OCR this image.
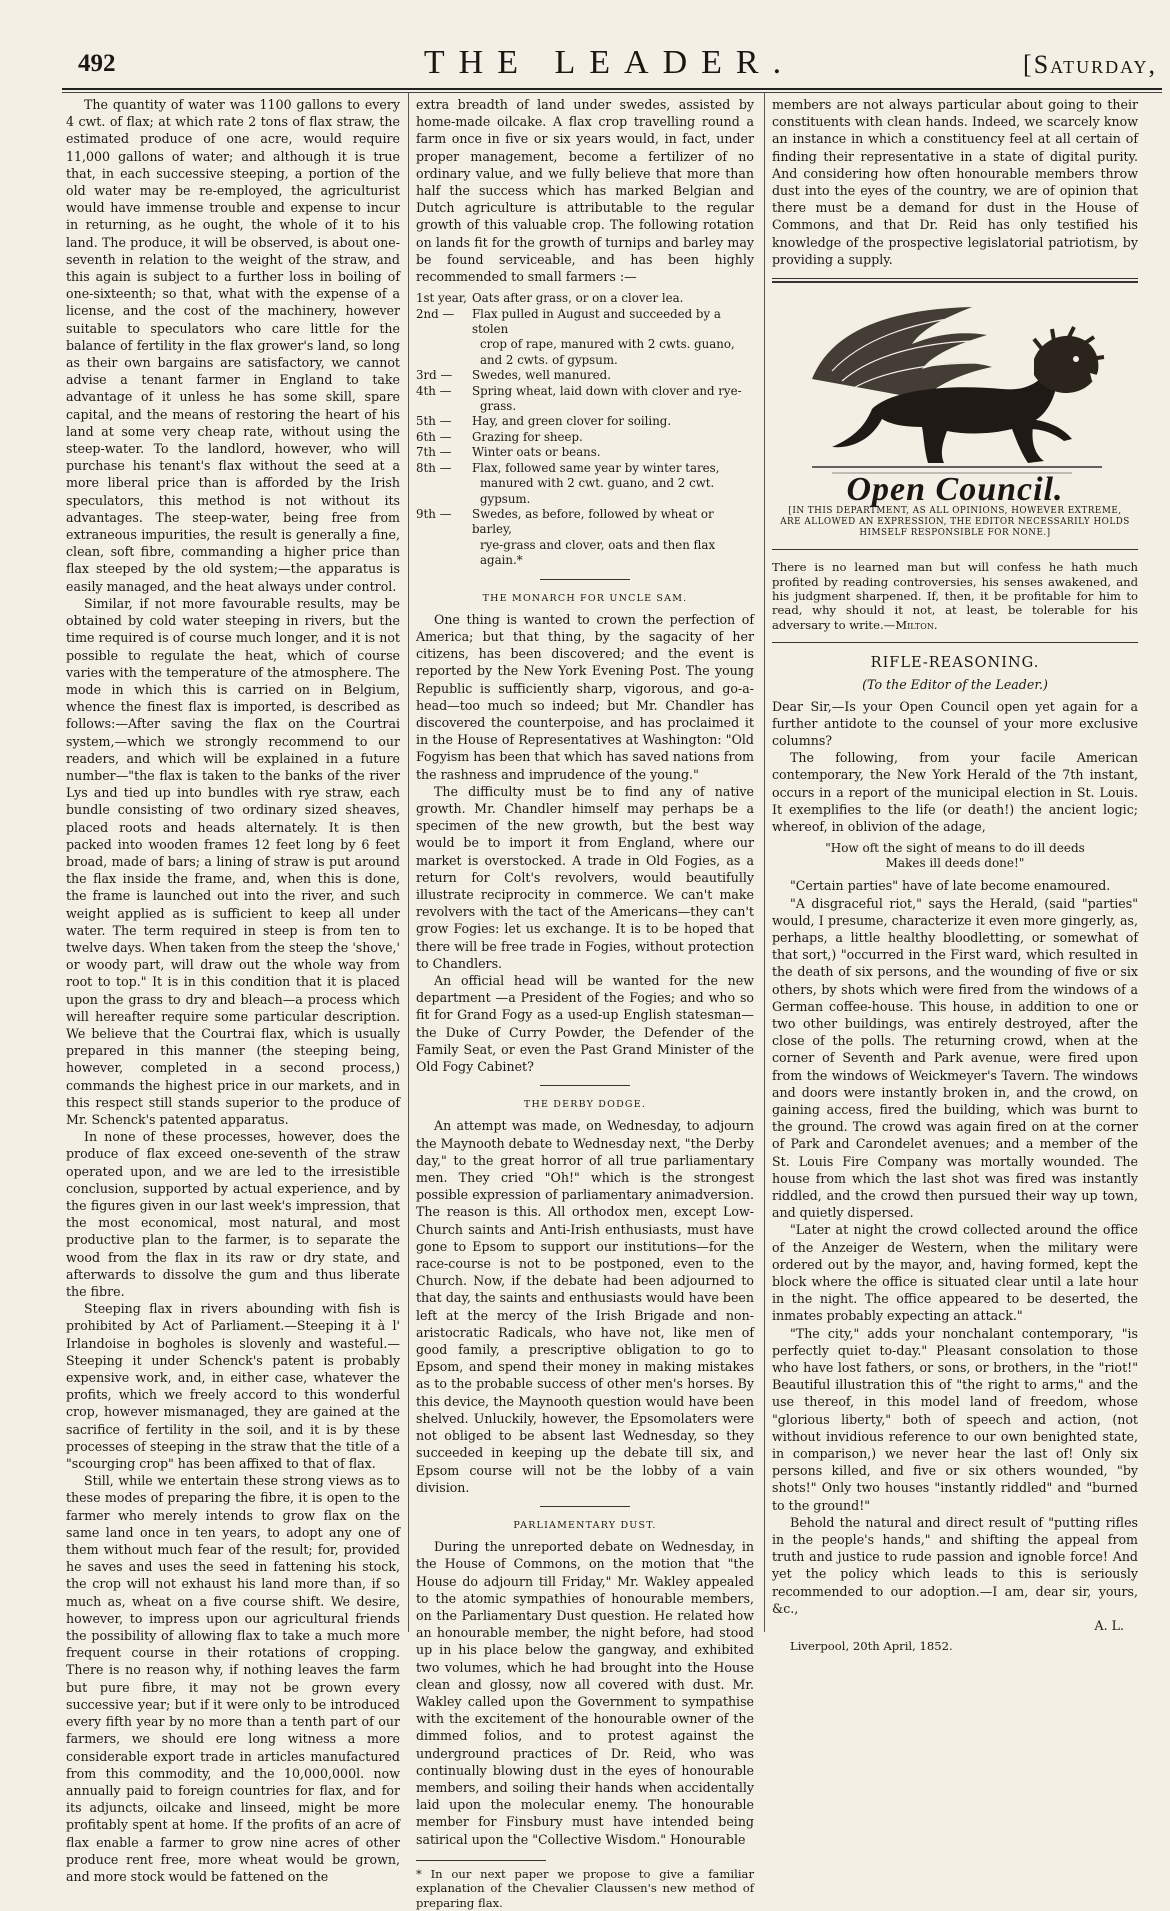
492	THE LEADER.	[Saturday,

The quantity of water was 1100 gallons to every 4 cwt. of flax; at which rate 2 tons of flax straw, the estimated produce of one acre, would require 11,000 gallons of water; and although it is true that, in each successive steeping, a portion of the old water may be re-employed, the agriculturist would have immense trouble and expense to incur in returning, as he ought, the whole of it to his land. The produce, it will be observed, is about one-seventh in relation to the weight of the straw, and this again is subject to a further loss in boiling of one-sixteenth; so that, what with the expense of a license, and the cost of the machinery, however suitable to speculators who care little for the balance of fertility in the flax grower's land, so long as their own bargains are satisfactory, we cannot advise a tenant farmer in England to take advantage of it unless he has some skill, spare capital, and the means of restoring the heart of his land at some very cheap rate, without using the steep-water. To the landlord, however, who will purchase his tenant's flax without the seed at a more liberal price than is afforded by the Irish speculators, this method is not without its advantages. The steep-water, being free from extraneous impurities, the result is generally a fine, clean, soft fibre, commanding a higher price than flax steeped by the old system;—the apparatus is easily managed, and the heat always under control.

Similar, if not more favourable results, may be obtained by cold water steeping in rivers, but the time required is of course much longer, and it is not possible to regulate the heat, which of course varies with the temperature of the atmosphere. The mode in which this is carried on in Belgium, whence the finest flax is imported, is described as follows:—After saving the flax on the Courtrai system,—which we strongly recommend to our readers, and which will be explained in a future number—"the flax is taken to the banks of the river Lys and tied up into bundles with rye straw, each bundle consisting of two ordinary sized sheaves, placed roots and heads alternately. It is then packed into wooden frames 12 feet long by 6 feet broad, made of bars; a lining of straw is put around the flax inside the frame, and, when this is done, the frame is launched out into the river, and such weight applied as is sufficient to keep all under water. The term required in steep is from ten to twelve days. When taken from the steep the 'shove,' or woody part, will draw out the whole way from root to top." It is in this condition that it is placed upon the grass to dry and bleach—a process which will hereafter require some particular description. We believe that the Courtrai flax, which is usually prepared in this manner (the steeping being, however, completed in a second process,) commands the highest price in our markets, and in this respect still stands superior to the produce of Mr. Schenck's patented apparatus.

In none of these processes, however, does the produce of flax exceed one-seventh of the straw operated upon, and we are led to the irresistible conclusion, supported by actual experience, and by the figures given in our last week's impression, that the most economical, most natural, and most productive plan to the farmer, is to separate the wood from the flax in its raw or dry state, and afterwards to dissolve the gum and thus liberate the fibre.

Steeping flax in rivers abounding with fish is prohibited by Act of Parliament.—Steeping it à l' Irlandoise in bogholes is slovenly and wasteful.—Steeping it under Schenck's patent is probably expensive work, and, in either case, whatever the profits, which we freely accord to this wonderful crop, however mismanaged, they are gained at the sacrifice of fertility in the soil, and it is by these processes of steeping in the straw that the title of a "scourging crop" has been affixed to that of flax.

Still, while we entertain these strong views as to these modes of preparing the fibre, it is open to the farmer who merely intends to grow flax on the same land once in ten years, to adopt any one of them without much fear of the result; for, provided he saves and uses the seed in fattening his stock, the crop will not exhaust his land more than, if so much as, wheat on a five course shift. We desire, however, to impress upon our agricultural friends the possibility of allowing flax to take a much more frequent course in their rotations of cropping. There is no reason why, if nothing leaves the farm but pure fibre, it may not be grown every successive year; but if it were only to be introduced every fifth year by no more than a tenth part of our farmers, we should ere long witness a more considerable export trade in articles manufactured from this commodity, and the 10,000,000l. now annually paid to foreign countries for flax, and for its adjuncts, oilcake and linseed, might be more profitably spent at home. If the profits of an acre of flax enable a farmer to grow nine acres of other produce rent free, more wheat would be grown, and more stock would be fattened on the

extra breadth of land under swedes, assisted by home-made oilcake. A flax crop travelling round a farm once in five or six years would, in fact, under proper management, become a fertilizer of no ordinary value, and we fully believe that more than half the success which has marked Belgian and Dutch agriculture is attributable to the regular growth of this valuable crop. The following rotation on lands fit for the growth of turnips and barley may be found serviceable, and has been highly recommended to small farmers :—

1st year, Oats after grass, or on a clover lea.
2nd —	Flax pulled in August and succeeded by a stolen
crop of rape, manured with 2 cwts. guano, and 2 cwts. of gypsum.
3rd —	Swedes, well manured.
4th —	Spring wheat, laid down with clover and rye-
grass.
5th —	Hay, and green clover for soiling.
6th —	Grazing for sheep.
7th —	Winter oats or beans.
8th —	Flax, followed same year by winter tares,
manured with 2 cwt. guano, and 2 cwt. gypsum.
9th —	Swedes, as before, followed by wheat or barley,
rye-grass and clover, oats and then flax again.*
THE MONARCH FOR UNCLE SAM.

One thing is wanted to crown the perfection of America; but that thing, by the sagacity of her citizens, has been discovered; and the event is reported by the New York Evening Post. The young Republic is sufficiently sharp, vigorous, and go-a-head—too much so indeed; but Mr. Chandler has discovered the counterpoise, and has proclaimed it in the House of Representatives at Washington: "Old Fogyism has been that which has saved nations from the rashness and imprudence of the young."

The difficulty must be to find any of native growth. Mr. Chandler himself may perhaps be a specimen of the new growth, but the best way would be to import it from England, where our market is overstocked. A trade in Old Fogies, as a return for Colt's revolvers, would beautifully illustrate reciprocity in commerce. We can't make revolvers with the tact of the Americans—they can't grow Fogies: let us exchange. It is to be hoped that there will be free trade in Fogies, without protection to Chandlers.

An official head will be wanted for the new department —a President of the Fogies; and who so fit for Grand Fogy as a used-up English statesman—the Duke of Curry Powder, the Defender of the Family Seat, or even the Past Grand Minister of the Old Fogy Cabinet?

THE DERBY DODGE.

An attempt was made, on Wednesday, to adjourn the Maynooth debate to Wednesday next, "the Derby day," to the great horror of all true parliamentary men. They cried "Oh!" which is the strongest possible expression of parliamentary animadversion. The reason is this. All orthodox men, except Low-Church saints and Anti-Irish enthusiasts, must have gone to Epsom to support our institutions—for the race-course is not to be postponed, even to the Church. Now, if the debate had been adjourned to that day, the saints and enthusiasts would have been left at the mercy of the Irish Brigade and non-aristocratic Radicals, who have not, like men of good family, a prescriptive obligation to go to Epsom, and spend their money in making mistakes as to the probable success of other men's horses. By this device, the Maynooth question would have been shelved. Unluckily, however, the Epsomolaters were not obliged to be absent last Wednesday, so they succeeded in keeping up the debate till six, and Epsom course will not be the lobby of a vain division.

PARLIAMENTARY DUST.

During the unreported debate on Wednesday, in the House of Commons, on the motion that "the House do adjourn till Friday," Mr. Wakley appealed to the atomic sympathies of honourable members, on the Parliamentary Dust question. He related how an honourable member, the night before, had stood up in his place below the gangway, and exhibited two volumes, which he had brought into the House clean and glossy, now all covered with dust. Mr. Wakley called upon the Government to sympathise with the excitement of the honourable owner of the dimmed folios, and to protest against the underground practices of Dr. Reid, who was continually blowing dust in the eyes of honourable members, and soiling their hands when accidentally laid upon the molecular enemy. The honourable member for Finsbury must have intended being satirical upon the "Collective Wisdom." Honourable

* In our next paper we propose to give a familiar explanation of the Chevalier Claussen's new method of preparing flax.

members are not always particular about going to their constituents with clean hands. Indeed, we scarcely know an instance in which a constituency feel at all certain of finding their representative in a state of digital purity. And considering how often honourable members throw dust into the eyes of the country, we are of opinion that there must be a demand for dust in the House of Commons, and that Dr. Reid has only testified his knowledge of the prospective legislatorial patriotism, by providing a supply.

Open Council.
[IN THIS DEPARTMENT, AS ALL OPINIONS, HOWEVER EXTREME, ARE ALLOWED AN EXPRESSION, THE EDITOR NECESSARILY HOLDS HIMSELF RESPONSIBLE FOR NONE.]
There is no learned man but will confess he hath much profited by reading controversies, his senses awakened, and his judgment sharpened. If, then, it be profitable for him to read, why should it not, at least, be tolerable for his adversary to write.—Milton.
RIFLE-REASONING.
(To the Editor of the Leader.)

Dear Sir,—Is your Open Council open yet again for a further antidote to the counsel of your more exclusive columns?

The following, from your facile American contemporary, the New York Herald of the 7th instant, occurs in a report of the municipal election in St. Louis. It exemplifies to the life (or death!) the ancient logic; whereof, in oblivion of the adage,

"How oft the sight of means to do ill deeds
Makes ill deeds done!"

"Certain parties" have of late become enamoured.

"A disgraceful riot," says the Herald, (said "parties" would, I presume, characterize it even more gingerly, as, perhaps, a little healthy bloodletting, or somewhat of that sort,) "occurred in the First ward, which resulted in the death of six persons, and the wounding of five or six others, by shots which were fired from the windows of a German coffee-house. This house, in addition to one or two other buildings, was entirely destroyed, after the close of the polls. The returning crowd, when at the corner of Seventh and Park avenue, were fired upon from the windows of Weickmeyer's Tavern. The windows and doors were instantly broken in, and the crowd, on gaining access, fired the building, which was burnt to the ground. The crowd was again fired on at the corner of Park and Carondelet avenues; and a member of the St. Louis Fire Company was mortally wounded. The house from which the last shot was fired was instantly riddled, and the crowd then pursued their way up town, and quietly dispersed.

"Later at night the crowd collected around the office of the Anzeiger de Western, when the military were ordered out by the mayor, and, having formed, kept the block where the office is situated clear until a late hour in the night. The office appeared to be deserted, the inmates probably expecting an attack."

"The city," adds your nonchalant contemporary, "is perfectly quiet to-day." Pleasant consolation to those who have lost fathers, or sons, or brothers, in the "riot!" Beautiful illustration this of "the right to arms," and the use thereof, in this model land of freedom, whose "glorious liberty," both of speech and action, (not without invidious reference to our own benighted state, in comparison,) we never hear the last of! Only six persons killed, and five or six others wounded, "by shots!" Only two houses "instantly riddled" and "burned to the ground!"

Behold the natural and direct result of "putting rifles in the people's hands," and shifting the appeal from truth and justice to rude passion and ignoble force! And yet the policy which leads to this is seriously recommended to our adoption.—I am, dear sir, yours, &c.,

A. L.
Liverpool, 20th April, 1852.
